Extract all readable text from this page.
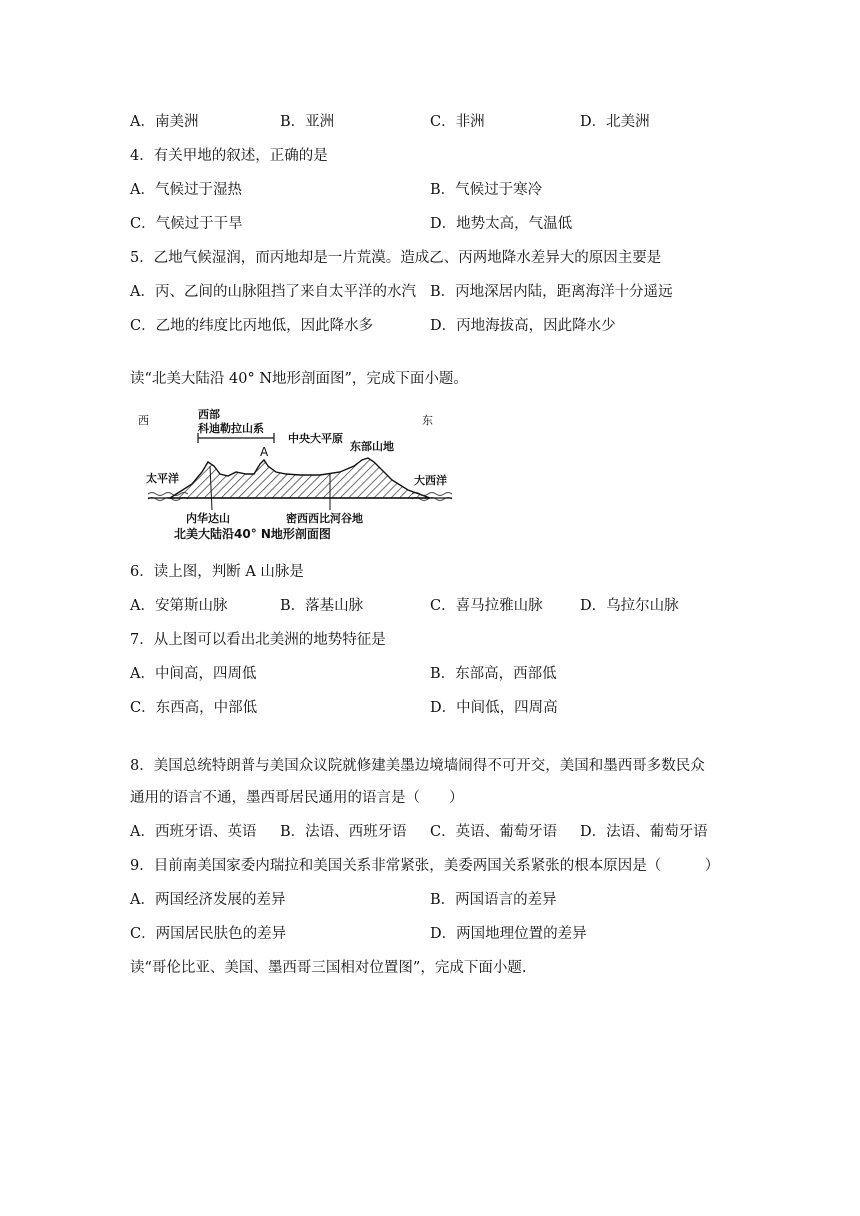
A．南美洲	B．亚洲	C．非洲	D．北美洲
4．有关甲地的叙述，正确的是
A．气候过于湿热	B．气候过于寒冷
C．气候过于干旱	D．地势太高，气温低
5．乙地气候湿润，而丙地却是一片荒漠。造成乙、丙两地降水差异大的原因主要是
A．丙、乙间的山脉阻挡了来自太平洋的水汽 B．丙地深居内陆，距离海洋十分遥远
C．乙地的纬度比丙地低，因此降水多	D．丙地海拔高，因此降水少
读“北美大陆沿 40° N地形剖面图”，完成下面小题。
西	东
西部
科迪勒拉山系
A
中央大平原
东部山地
太平洋	大西洋
内华达山	密西西比河谷地
北美大陆沿40° N地形剖面图
6．读上图，判断 A 山脉是
A．安第斯山脉	B．落基山脉	C．喜马拉雅山脉	D．乌拉尔山脉
7．从上图可以看出北美洲的地势特征是
A．中间高，四周低	B．东部高，西部低
C．东西高，中部低	D．中间低，四周高
8．美国总统特朗普与美国众议院就修建美墨边境墙闹得不可开交，美国和墨西哥多数民众
通用的语言不通，墨西哥居民通用的语言是（　　）
A．西班牙语、英语 B．法语、西班牙语 C．英语、葡萄牙语 D．法语、葡萄牙语
9．目前南美国家委内瑞拉和美国关系非常紧张，美委两国关系紧张的根本原因是（　　　）
A．两国经济发展的差异	B．两国语言的差异
C．两国居民肤色的差异	D．两国地理位置的差异
读“哥伦比亚、美国、墨西哥三国相对位置图”，完成下面小题.
